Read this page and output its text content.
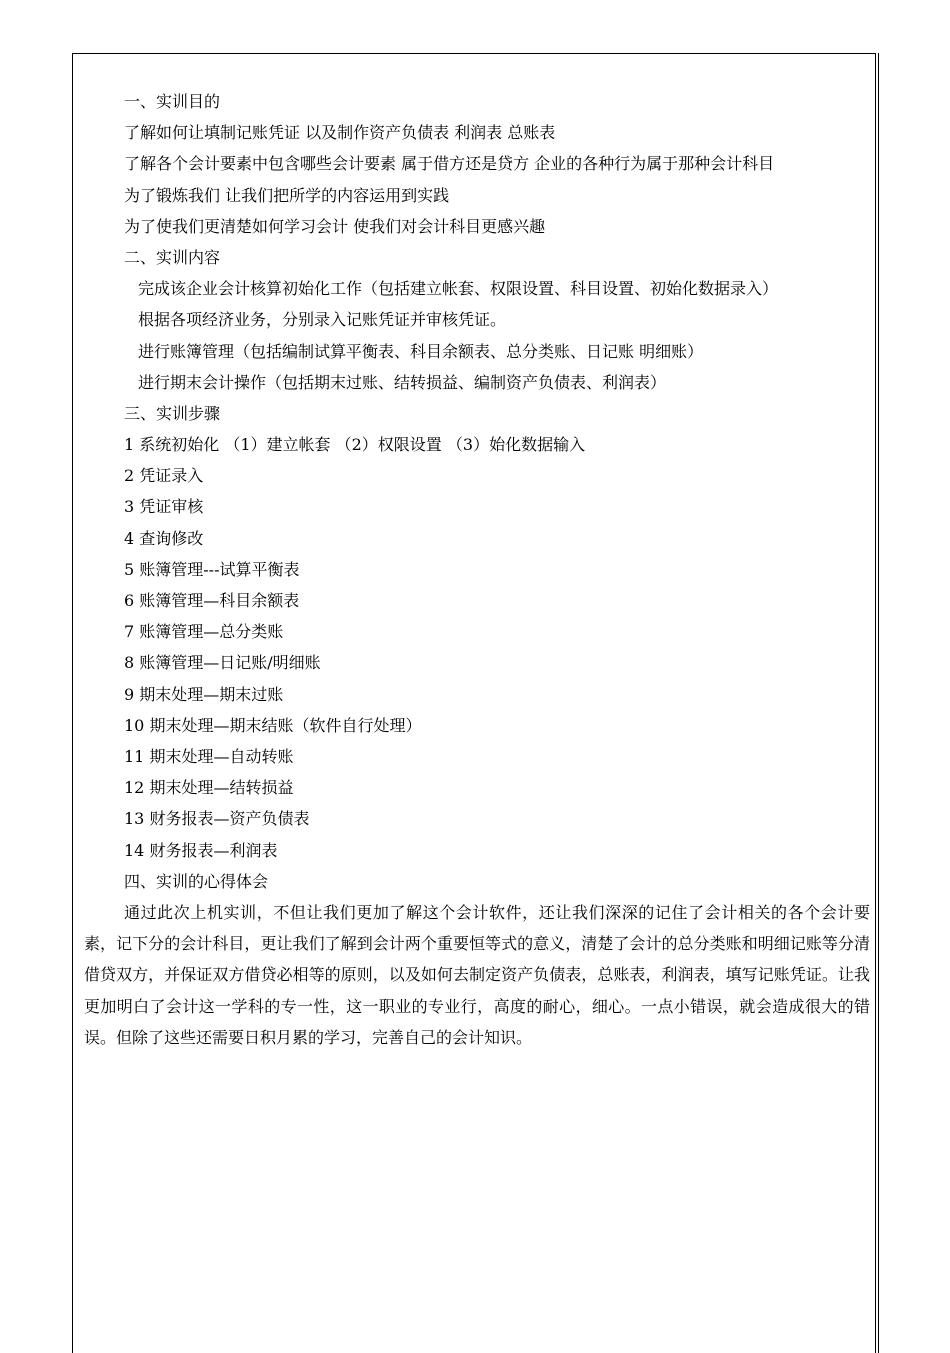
一、实训目的
了解如何让填制记账凭证 以及制作资产负债表 利润表 总账表

了解各个会计要素中包含哪些会计要素 属于借方还是贷方 企业的各种行为属于那种会计科目

为了锻炼我们 让我们把所学的内容运用到实践
为了使我们更清楚如何学习会计 使我们对会计科目更感兴趣
二、实训内容

完成该企业会计核算初始化工作（包括建立帐套、权限设置、科目设置、初始化数据录入）

根据各项经济业务，分别录入记账凭证并审核凭证。
进行账簿管理（包括编制试算平衡表、科目余额表、总分类账、日记账 明细账）
进行期末会计操作（包括期末过账、结转损益、编制资产负债表、利润表）
三、实训步骤
1 系统初始化 （1）建立帐套 （2）权限设置 （3）始化数据输入
2 凭证录入
3 凭证审核
4 查询修改
5 账簿管理---试算平衡表
6 账簿管理—科目余额表
7 账簿管理—总分类账
8 账簿管理—日记账/明细账
9 期末处理—期末过账
10 期末处理—期末结账（软件自行处理）
11 期末处理—自动转账
12 期末处理—结转损益
13 财务报表—资产负债表
14 财务报表—利润表
四、实训的心得体会

通过此次上机实训，不但让我们更加了解这个会计软件，还让我们深深的记住了会计相关的各个会计要素，记下分的会计科目，更让我们了解到会计两个重要恒等式的意义，清楚了会计的总分类账和明细记账等分清借贷双方，并保证双方借贷必相等的原则，以及如何去制定资产负债表，总账表，利润表，填写记账凭证。让我更加明白了会计这一学科的专一性，这一职业的专业行，高度的耐心，细心。一点小错误，就会造成很大的错误。但除了这些还需要日积月累的学习，完善自己的会计知识。
